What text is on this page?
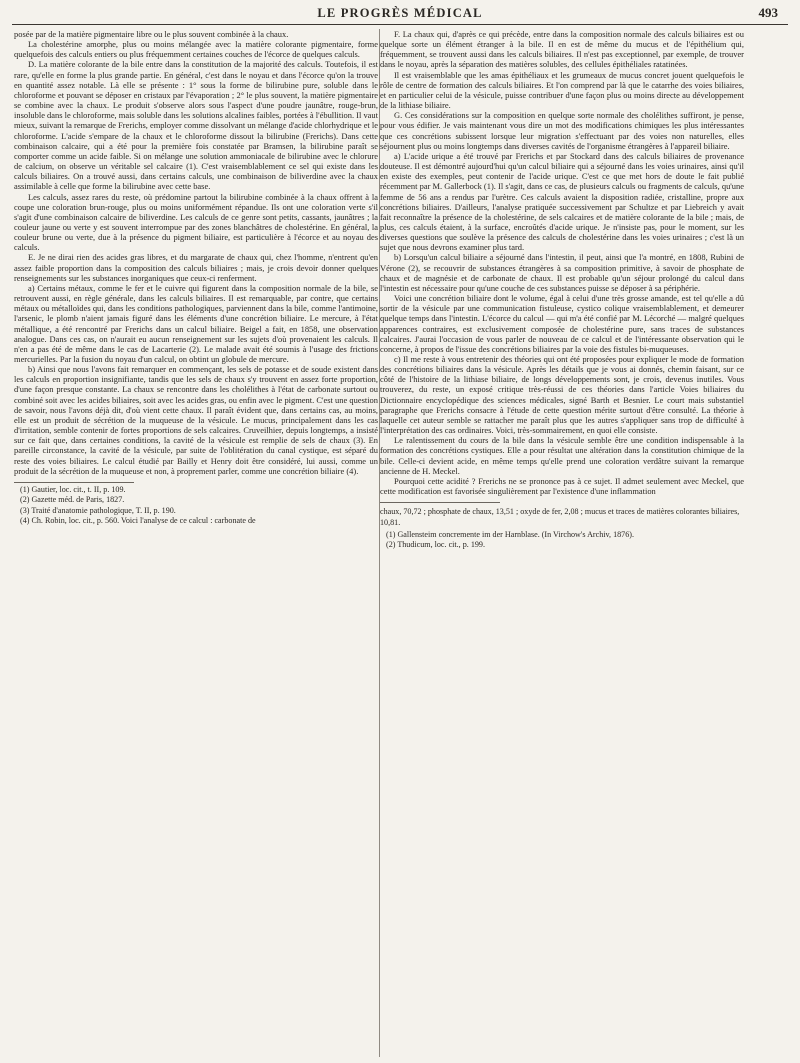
LE PROGRÈS MÉDICAL	493

posée par de la matière pigmentaire libre ou le plus souvent combinée à la chaux.

La cholestérine amorphe, plus ou moins mélangée avec la matière colorante pigmentaire, forme quelquefois des calculs entiers ou plus fréquemment certaines couches de l'écorce de quelques calculs.

D. La matière colorante de la bile entre dans la constitution de la majorité des calculs. Toutefois, il est rare, qu'elle en forme la plus grande partie. En général, c'est dans le noyau et dans l'écorce qu'on la trouve en quantité assez notable. Là elle se présente : 1° sous la forme de bilirubine pure, soluble dans le chloroforme et pouvant se déposer en cristaux par l'évaporation ; 2° le plus souvent, la matière pigmentaire se combine avec la chaux. Le produit s'observe alors sous l'aspect d'une poudre jaunâtre, rouge-brun, insoluble dans le chloroforme, mais soluble dans les solutions alcalines faibles, portées à l'ébullition. Il vaut mieux, suivant la remarque de Frerichs, employer comme dissolvant un mélange d'acide chlorhydrique et le chloroforme. L'acide s'empare de la chaux et le chloroforme dissout la bilirubine (Frerichs). Dans cette combinaison calcaire, qui a été pour la première fois constatée par Bramsen, la bilirubine paraît se comporter comme un acide faible. Si on mélange une solution ammoniacale de bilirubine avec le chlorure de calcium, on observe un véritable sel calcaire (1). C'est vraisemblablement ce sel qui existe dans les calculs biliaires. On a trouvé aussi, dans certains calculs, une combinaison de biliverdine avec la chaux assimilable à celle que forme la bilirubine avec cette base.

Les calculs, assez rares du reste, où prédomine partout la bilirubine combinée à la chaux offrent à la coupe une coloration brun-rouge, plus ou moins uniformément répandue. Ils ont une coloration verte s'il s'agit d'une combinaison calcaire de biliverdine. Les calculs de ce genre sont petits, cassants, jaunâtres ; la couleur jaune ou verte y est souvent interrompue par des zones blanchâtres de cholestérine. En général, la couleur brune ou verte, due à la présence du pigment biliaire, est particulière à l'écorce et au noyau des calculs.

E. Je ne dirai rien des acides gras libres, et du margarate de chaux qui, chez l'homme, n'entrent qu'en assez faible proportion dans la composition des calculs biliaires ; mais, je crois devoir donner quelques renseignements sur les substances inorganiques que ceux-ci renferment.

a) Certains métaux, comme le fer et le cuivre qui figurent dans la composition normale de la bile, se retrouvent aussi, en règle générale, dans les calculs biliaires. Il est remarquable, par contre, que certains métaux ou métalloïdes qui, dans les conditions pathologiques, parviennent dans la bile, comme l'antimoine, l'arsenic, le plomb n'aient jamais figuré dans les éléments d'une concrétion biliaire. Le mercure, à l'état métallique, a été rencontré par Frerichs dans un calcul biliaire. Beigel a fait, en 1858, une observation analogue. Dans ces cas, on n'aurait eu aucun renseignement sur les sujets d'où provenaient les calculs. Il n'en a pas été de même dans le cas de Lacarterie (2). Le malade avait été soumis à l'usage des frictions mercurielles. Par la fusion du noyau d'un calcul, on obtint un globule de mercure.

b) Ainsi que nous l'avons fait remarquer en commençant, les sels de potasse et de soude existent dans les calculs en proportion insignifiante, tandis que les sels de chaux s'y trouvent en assez forte proportion, d'une façon presque constante. La chaux se rencontre dans les cholélithes à l'état de carbonate surtout ou combiné soit avec les acides biliaires, soit avec les acides gras, ou enfin avec le pigment. C'est une question de savoir, nous l'avons déjà dit, d'où vient cette chaux. Il paraît évident que, dans certains cas, au moins, elle est un produit de sécrétion de la muqueuse de la vésicule. Le mucus, principalement dans les cas d'irritation, semble contenir de fortes proportions de sels calcaires. Cruveilhier, depuis longtemps, a insisté sur ce fait que, dans certaines conditions, la cavité de la vésicule est remplie de sels de chaux (3). En pareille circonstance, la cavité de la vésicule, par suite de l'oblitération du canal cystique, est séparé du reste des voies biliaires. Le calcul étudié par Bailly et Henry doit être considéré, lui aussi, comme un produit de la sécrétion de la muqueuse et non, à proprement parler, comme une concrétion biliaire (4).

(1) Gautier, loc. cit., t. II, p. 109.

(2) Gazette méd. de Paris, 1827.

(3) Traité d'anatomie pathologique, T. II, p. 190.

(4) Ch. Robin, loc. cit., p. 560. Voici l'analyse de ce calcul : carbonate de

F. La chaux qui, d'après ce qui précède, entre dans la composition normale des calculs biliaires est ou quelque sorte un élément étranger à la bile. Il en est de même du mucus et de l'épithélium qui, fréquemment, se trouvent aussi dans les calculs biliaires. Il n'est pas exceptionnel, par exemple, de trouver dans le noyau, après la séparation des matières solubles, des cellules épithéliales ratatinées.

Il est vraisemblable que les amas épithéliaux et les grumeaux de mucus concret jouent quelquefois le rôle de centre de formation des calculs biliaires. Et l'on comprend par là que le catarrhe des voies biliaires, et en particulier celui de la vésicule, puisse contribuer d'une façon plus ou moins directe au développement de la lithiase biliaire.

G. Ces considérations sur la composition en quelque sorte normale des cholélithes suffiront, je pense, pour vous édifier. Je vais maintenant vous dire un mot des modifications chimiques les plus intéressantes que ces concrétions subissent lorsque leur migration s'effectuant par des voies non naturelles, elles séjournent plus ou moins longtemps dans diverses cavités de l'organisme étrangères à l'appareil biliaire.

a) L'acide urique a été trouvé par Frerichs et par Stockard dans des calculs biliaires de provenance douteuse. Il est démontré aujourd'hui qu'un calcul biliaire qui a séjourné dans les voies urinaires, ainsi qu'il en existe des exemples, peut contenir de l'acide urique. C'est ce que met hors de doute le fait publié récemment par M. Gallerbock (1). Il s'agit, dans ce cas, de plusieurs calculs ou fragments de calculs, qu'une femme de 56 ans a rendus par l'urètre. Ces calculs avaient la disposition radiée, cristalline, propre aux concrétions biliaires. D'ailleurs, l'analyse pratiquée successivement par Schultze et par Liebreich y avait fait reconnaître la présence de la cholestérine, de sels calcaires et de matière colorante de la bile ; mais, de plus, ces calculs étaient, à la surface, encroûtés d'acide urique. Je n'insiste pas, pour le moment, sur les diverses questions que soulève la présence des calculs de cholestérine dans les voies urinaires ; c'est là un sujet que nous devrons examiner plus tard.

b) Lorsqu'un calcul biliaire a séjourné dans l'intestin, il peut, ainsi que l'a montré, en 1808, Rubini de Vérone (2), se recouvrir de substances étrangères à sa composition primitive, à savoir de phosphate de chaux et de magnésie et de carbonate de chaux. Il est probable qu'un séjour prolongé du calcul dans l'intestin est nécessaire pour qu'une couche de ces substances puisse se déposer à sa périphérie.

Voici une concrétion biliaire dont le volume, égal à celui d'une très grosse amande, est tel qu'elle a dû sortir de la vésicule par une communication fistuleuse, cystico colique vraisemblablement, et demeurer quelque temps dans l'intestin. L'écorce du calcul — qui m'a été confié par M. Lécorché — malgré quelques apparences contraires, est exclusivement composée de cholestérine pure, sans traces de substances calcaires. J'aurai l'occasion de vous parler de nouveau de ce calcul et de l'intéressante observation qui le concerne, à propos de l'issue des concrétions biliaires par la voie des fistules bi-muqueuses.

c) Il me reste à vous entretenir des théories qui ont été proposées pour expliquer le mode de formation des concrétions biliaires dans la vésicule. Après les détails que je vous ai donnés, chemin faisant, sur ce côté de l'histoire de la lithiase biliaire, de longs développements sont, je crois, devenus inutiles. Vous trouverez, du reste, un exposé critique très-réussi de ces théories dans l'article Voies biliaires du Dictionnaire encyclopédique des sciences médicales, signé Barth et Besnier. Le court mais substantiel paragraphe que Frerichs consacre à l'étude de cette question mérite surtout d'être consulté. La théorie à laquelle cet auteur semble se rattacher me paraît plus que les autres s'appliquer sans trop de difficulté à l'interprétation des cas ordinaires. Voici, très-sommairement, en quoi elle consiste.

Le ralentissement du cours de la bile dans la vésicule semble être une condition indispensable à la formation des concrétions cystiques. Elle a pour résultat une altération dans la constitution chimique de la bile. Celle-ci devient acide, en même temps qu'elle prend une coloration verdâtre suivant la remarque ancienne de H. Meckel.

Pourquoi cette acidité ? Frerichs ne se prononce pas à ce sujet. Il admet seulement avec Meckel, que cette modification est favorisée singulièrement par l'existence d'une inflammation

chaux, 70,72 ; phosphate de chaux, 13,51 ; oxyde de fer, 2,08 ; mucus et traces de matières colorantes biliaires, 10,81.

(1) Gallensteim concremente im der Harnblase. (In Virchow's Archiv, 1876).

(2) Thudicum, loc. cit., p. 199.
